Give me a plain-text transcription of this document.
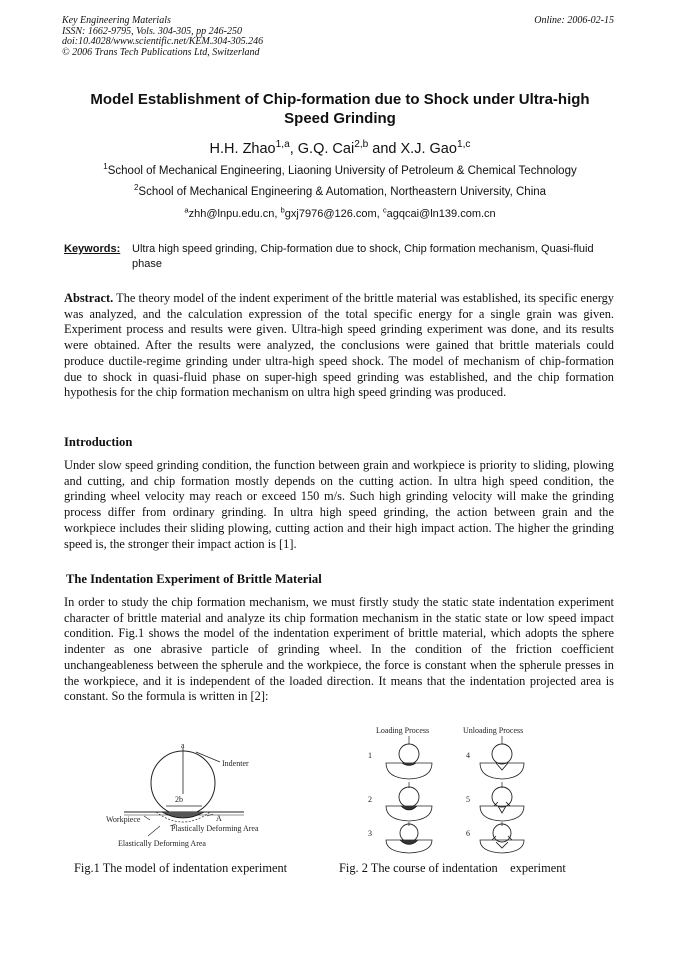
Key Engineering Materials
ISSN: 1662-9795, Vols. 304-305, pp 246-250
doi:10.4028/www.scientific.net/KEM.304-305.246
© 2006 Trans Tech Publications Ltd, Switzerland
Online: 2006-02-15
Model Establishment of Chip-formation due to Shock under Ultra-high
Speed Grinding
H.H. Zhao$^{1,a}$, G.Q. Cai$^{2,b}$ and X.J. Gao$^{1,c}$
$^1$School of Mechanical Engineering, Liaoning University of Petroleum & Chemical Technology
$^2$School of Mechanical Engineering & Automation, Northeastern University, China
$^a$zhh@lnpu.edu.cn, $^b$gxj7976@126.com, $^c$agqcai@ln139.com.cn
Keywords: Ultra high speed grinding, Chip-formation due to shock, Chip formation mechanism, Quasi-fluid phase
Abstract. The theory model of the indent experiment of the brittle material was established, its specific energy was analyzed, and the calculation expression of the total specific energy for a single grain was given. Experiment process and results were given. Ultra-high speed grinding experiment was done, and its results were obtained. After the results were analyzed, the conclusions were gained that brittle materials could produce ductile-regime grinding under ultra-high speed shock. The model of mechanism of chip-formation due to shock in quasi-fluid phase on super-high speed grinding was established, and the chip formation hypothesis for the chip formation mechanism on ultra high speed grinding was produced.
Introduction
Under slow speed grinding condition, the function between grain and workpiece is priority to sliding, plowing and cutting, and chip formation mostly depends on the cutting action. In ultra high speed condition, the grinding wheel velocity may reach or exceed 150 m/s. Such high grinding velocity will make the grinding process differ from ordinary grinding. In ultra high speed grinding, the action between grain and the workpiece includes their sliding plowing, cutting action and their high impact action. The higher the grinding speed is, the stronger their impact action is [1].
The Indentation Experiment of Brittle Material
In order to study the chip formation mechanism, we must firstly study the static state indentation experiment character of brittle material and analyze its chip formation mechanism in the static state or low speed impact condition. Fig.1 shows the model of the indentation experiment of brittle material, which adopts the sphere indenter as one abrasive particle of grinding wheel. In the condition of the friction coefficient unchangeableness between the spherule and the workpiece, the force is constant when the spherule presses in the workpiece, and it is independent of the loaded direction. It means that the indentation projected area is constant. So the formula is written in [2]:
a
Indenter
2b
A
Workpiece
Plastically Deforming Area
Elastically Deforming Area
Loading Process	Unloading Process
1
2
3
4
5
6
Fig.1 The model of indentation experiment	Fig. 2 The course of indentation    experiment
